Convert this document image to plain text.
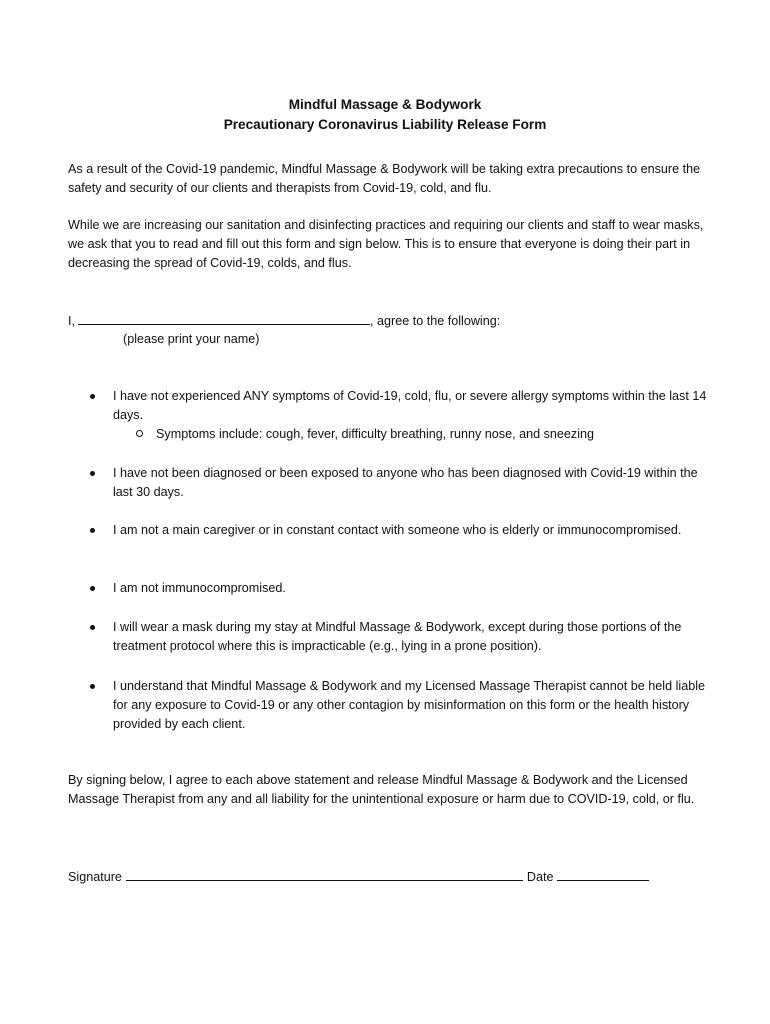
Mindful Massage & Bodywork
Precautionary Coronavirus Liability Release Form

As a result of the Covid-19 pandemic, Mindful Massage & Bodywork will be taking extra precautions to ensure the safety and security of our clients and therapists from Covid-19, cold, and flu.

While we are increasing our sanitation and disinfecting practices and requiring our clients and staff to wear masks, we ask that you to read and fill out this form and sign below. This is to ensure that everyone is doing their part in decreasing the spread of Covid-19, colds, and flus.

I,	, agree to the following:
(please print your name)
I have not experienced ANY symptoms of Covid-19, cold, flu, or severe allergy symptoms within the last 14 days.
Symptoms include: cough, fever, difficulty breathing, runny nose, and sneezing
I have not been diagnosed or been exposed to anyone who has been diagnosed with Covid-19 within the last 30 days.
I am not a main caregiver or in constant contact with someone who is elderly or immunocompromised.
I am not immunocompromised.
I will wear a mask during my stay at Mindful Massage & Bodywork, except during those portions of the treatment protocol where this is impracticable (e.g., lying in a prone position).
I understand that Mindful Massage & Bodywork and my Licensed Massage Therapist cannot be held liable for any exposure to Covid-19 or any other contagion by misinformation on this form or the health history provided by each client.

By signing below, I agree to each above statement and release Mindful Massage & Bodywork and the Licensed Massage Therapist from any and all liability for the unintentional exposure or harm due to COVID-19, cold, or flu.

Signature	Date
